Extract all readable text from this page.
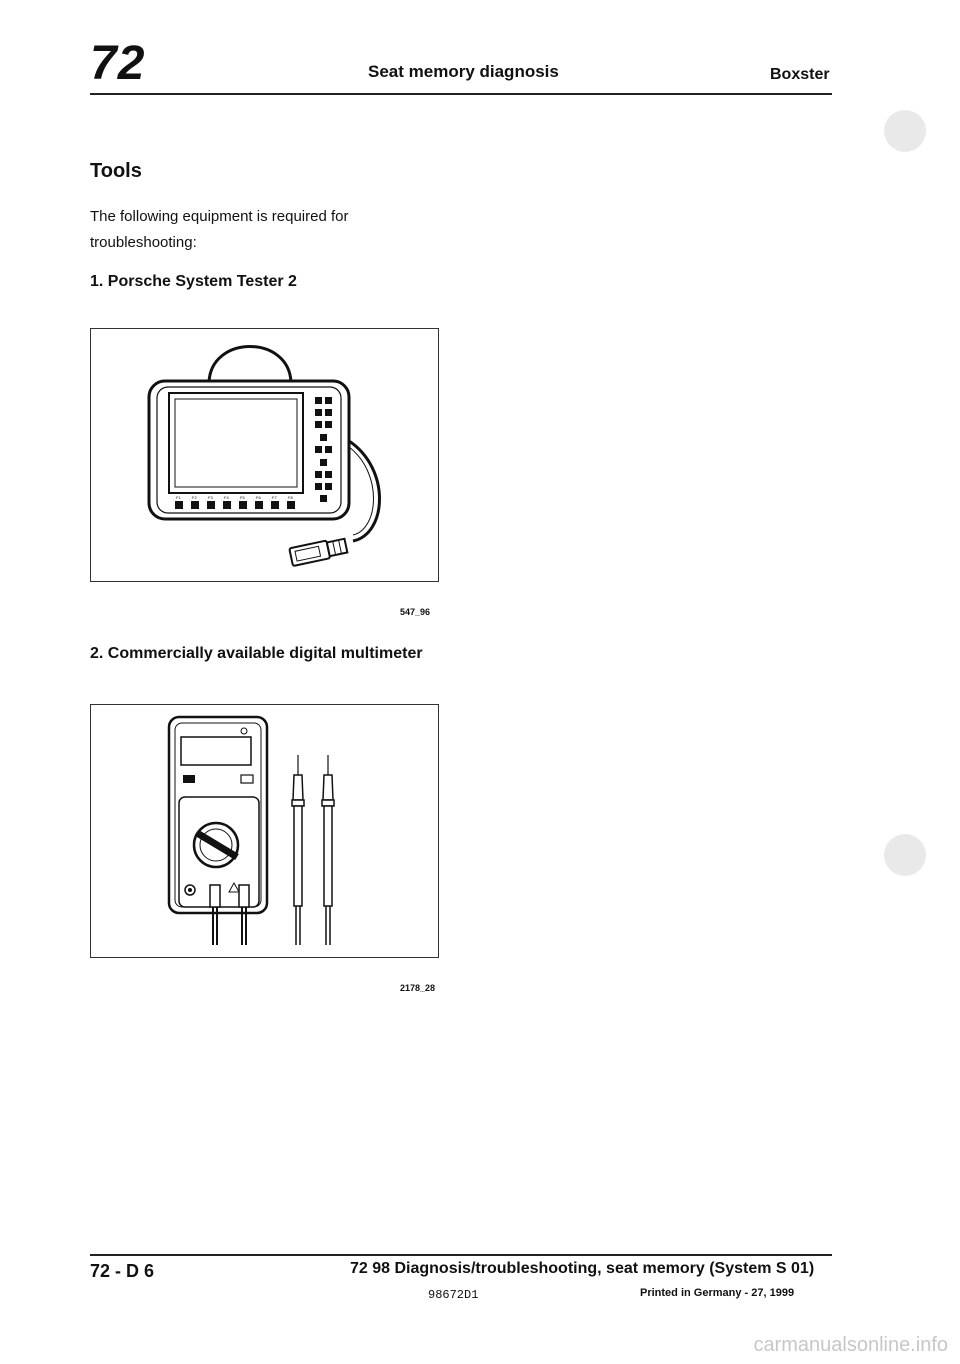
72	Seat memory diagnosis	Boxster
Tools
The following equipment is required for troubleshooting:
1. Porsche System Tester 2
F1	F2	F3	F4	F5	F6	F7	F8
547_96
2. Commercially available digital multimeter
2178_28
72 - D 6	72 98 Diagnosis/troubleshooting, seat memory (System S 01)
98672D1	Printed in Germany - 27, 1999
carmanualsonline.info
